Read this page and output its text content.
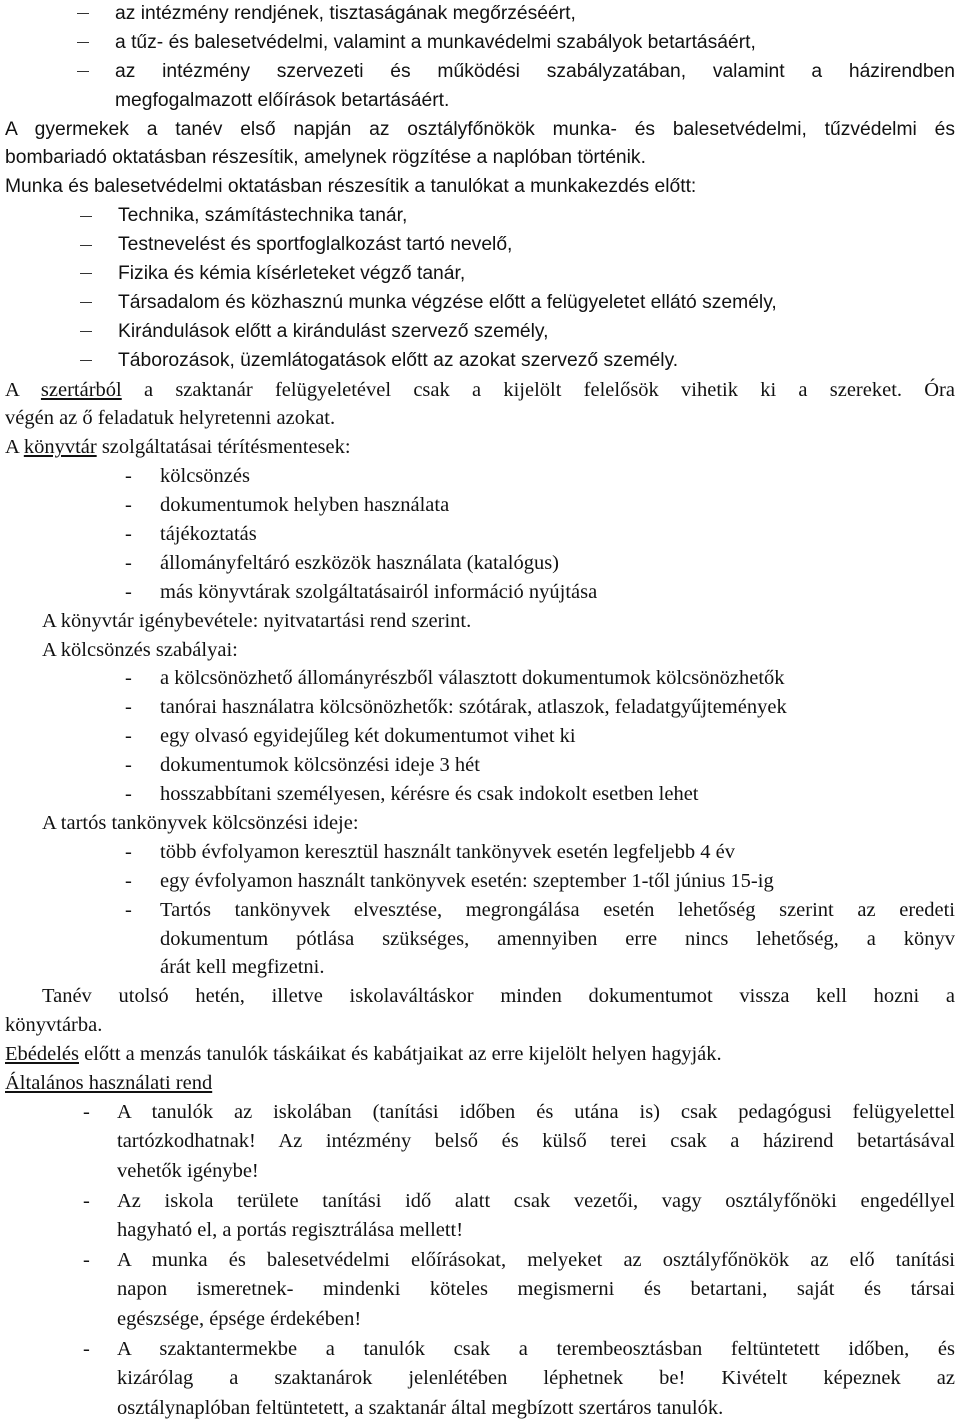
az intézmény rendjének, tisztaságának megőrzéséért,
a tűz- és balesetvédelmi, valamint a munkavédelmi szabályok betartásáért,
az intézmény szervezeti és működési szabályzatában, valamint a házirendben
megfogalmazott előírások betartásáért.
A gyermekek a tanév első napján az osztályfőnökök munka- és balesetvédelmi, tűzvédelmi és
bombariadó oktatásban részesítik, amelynek rögzítése a naplóban történik.
Munka és balesetvédelmi oktatásban részesítik a tanulókat a munkakezdés előtt:
Technika, számítástechnika tanár,
Testnevelést és sportfoglalkozást tartó nevelő,
Fizika és kémia kísérleteket végző tanár,
Társadalom és közhasznú munka végzése előtt a felügyeletet ellátó személy,
Kirándulások előtt a kirándulást szervező személy,
Táborozások, üzemlátogatások előtt az azokat szervező személy.
A szertárból a szaktanár felügyeletével csak a kijelölt felelősök vihetik ki a szereket. Óra
végén az ő feladatuk helyretenni azokat.
A könyvtár szolgáltatásai térítésmentesek:
-	kölcsönzés
-	dokumentumok helyben használata
-	tájékoztatás
-	állományfeltáró eszközök használata (katalógus)
-	más könyvtárak szolgáltatásairól információ nyújtása
A könyvtár igénybevétele: nyitvatartási rend szerint.
A kölcsönzés szabályai:
-	a kölcsönözhető állományrészből választott dokumentumok kölcsönözhetők
-	tanórai használatra kölcsönözhetők: szótárak, atlaszok, feladatgyűjtemények
-	egy olvasó egyidejűleg két dokumentumot vihet ki
-	dokumentumok kölcsönzési ideje 3 hét
-	hosszabbítani személyesen, kérésre és csak indokolt esetben lehet
A tartós tankönyvek kölcsönzési ideje:
-	több évfolyamon keresztül használt tankönyvek esetén legfeljebb 4 év
-	egy évfolyamon használt tankönyvek esetén: szeptember 1-től június 15-ig
-	Tartós tankönyvek elvesztése, megrongálása esetén lehetőség szerint az eredeti
dokumentum pótlása szükséges, amennyiben erre nincs lehetőség, a könyv
árát kell megfizetni.
Tanév utolsó hetén, illetve iskolaváltáskor minden dokumentumot vissza kell hozni a
könyvtárba.
Ebédelés előtt a menzás tanulók táskáikat és kabátjaikat az erre kijelölt helyen hagyják.
Általános használati rend
-	A tanulók az iskolában (tanítási időben és utána is) csak pedagógusi felügyelettel
tartózkodhatnak! Az intézmény belső és külső terei csak a házirend betartásával
vehetők igénybe!
-	Az iskola területe tanítási idő alatt csak vezetői, vagy osztályfőnöki engedéllyel
hagyható el, a portás regisztrálása mellett!
-	A munka és balesetvédelmi előírásokat, melyeket az osztályfőnökök az elő tanítási
napon ismeretnek- mindenki köteles megismerni és betartani, saját és társai
egészsége, épsége érdekében!
-	A szaktantermekbe a tanulók csak a terembeosztásban feltüntetett időben, és
kizárólag a szaktanárok jelenlétében léphetnek be! Kivételt képeznek az
osztálynaplóban feltüntetett, a szaktanár által megbízott szertáros tanulók.
